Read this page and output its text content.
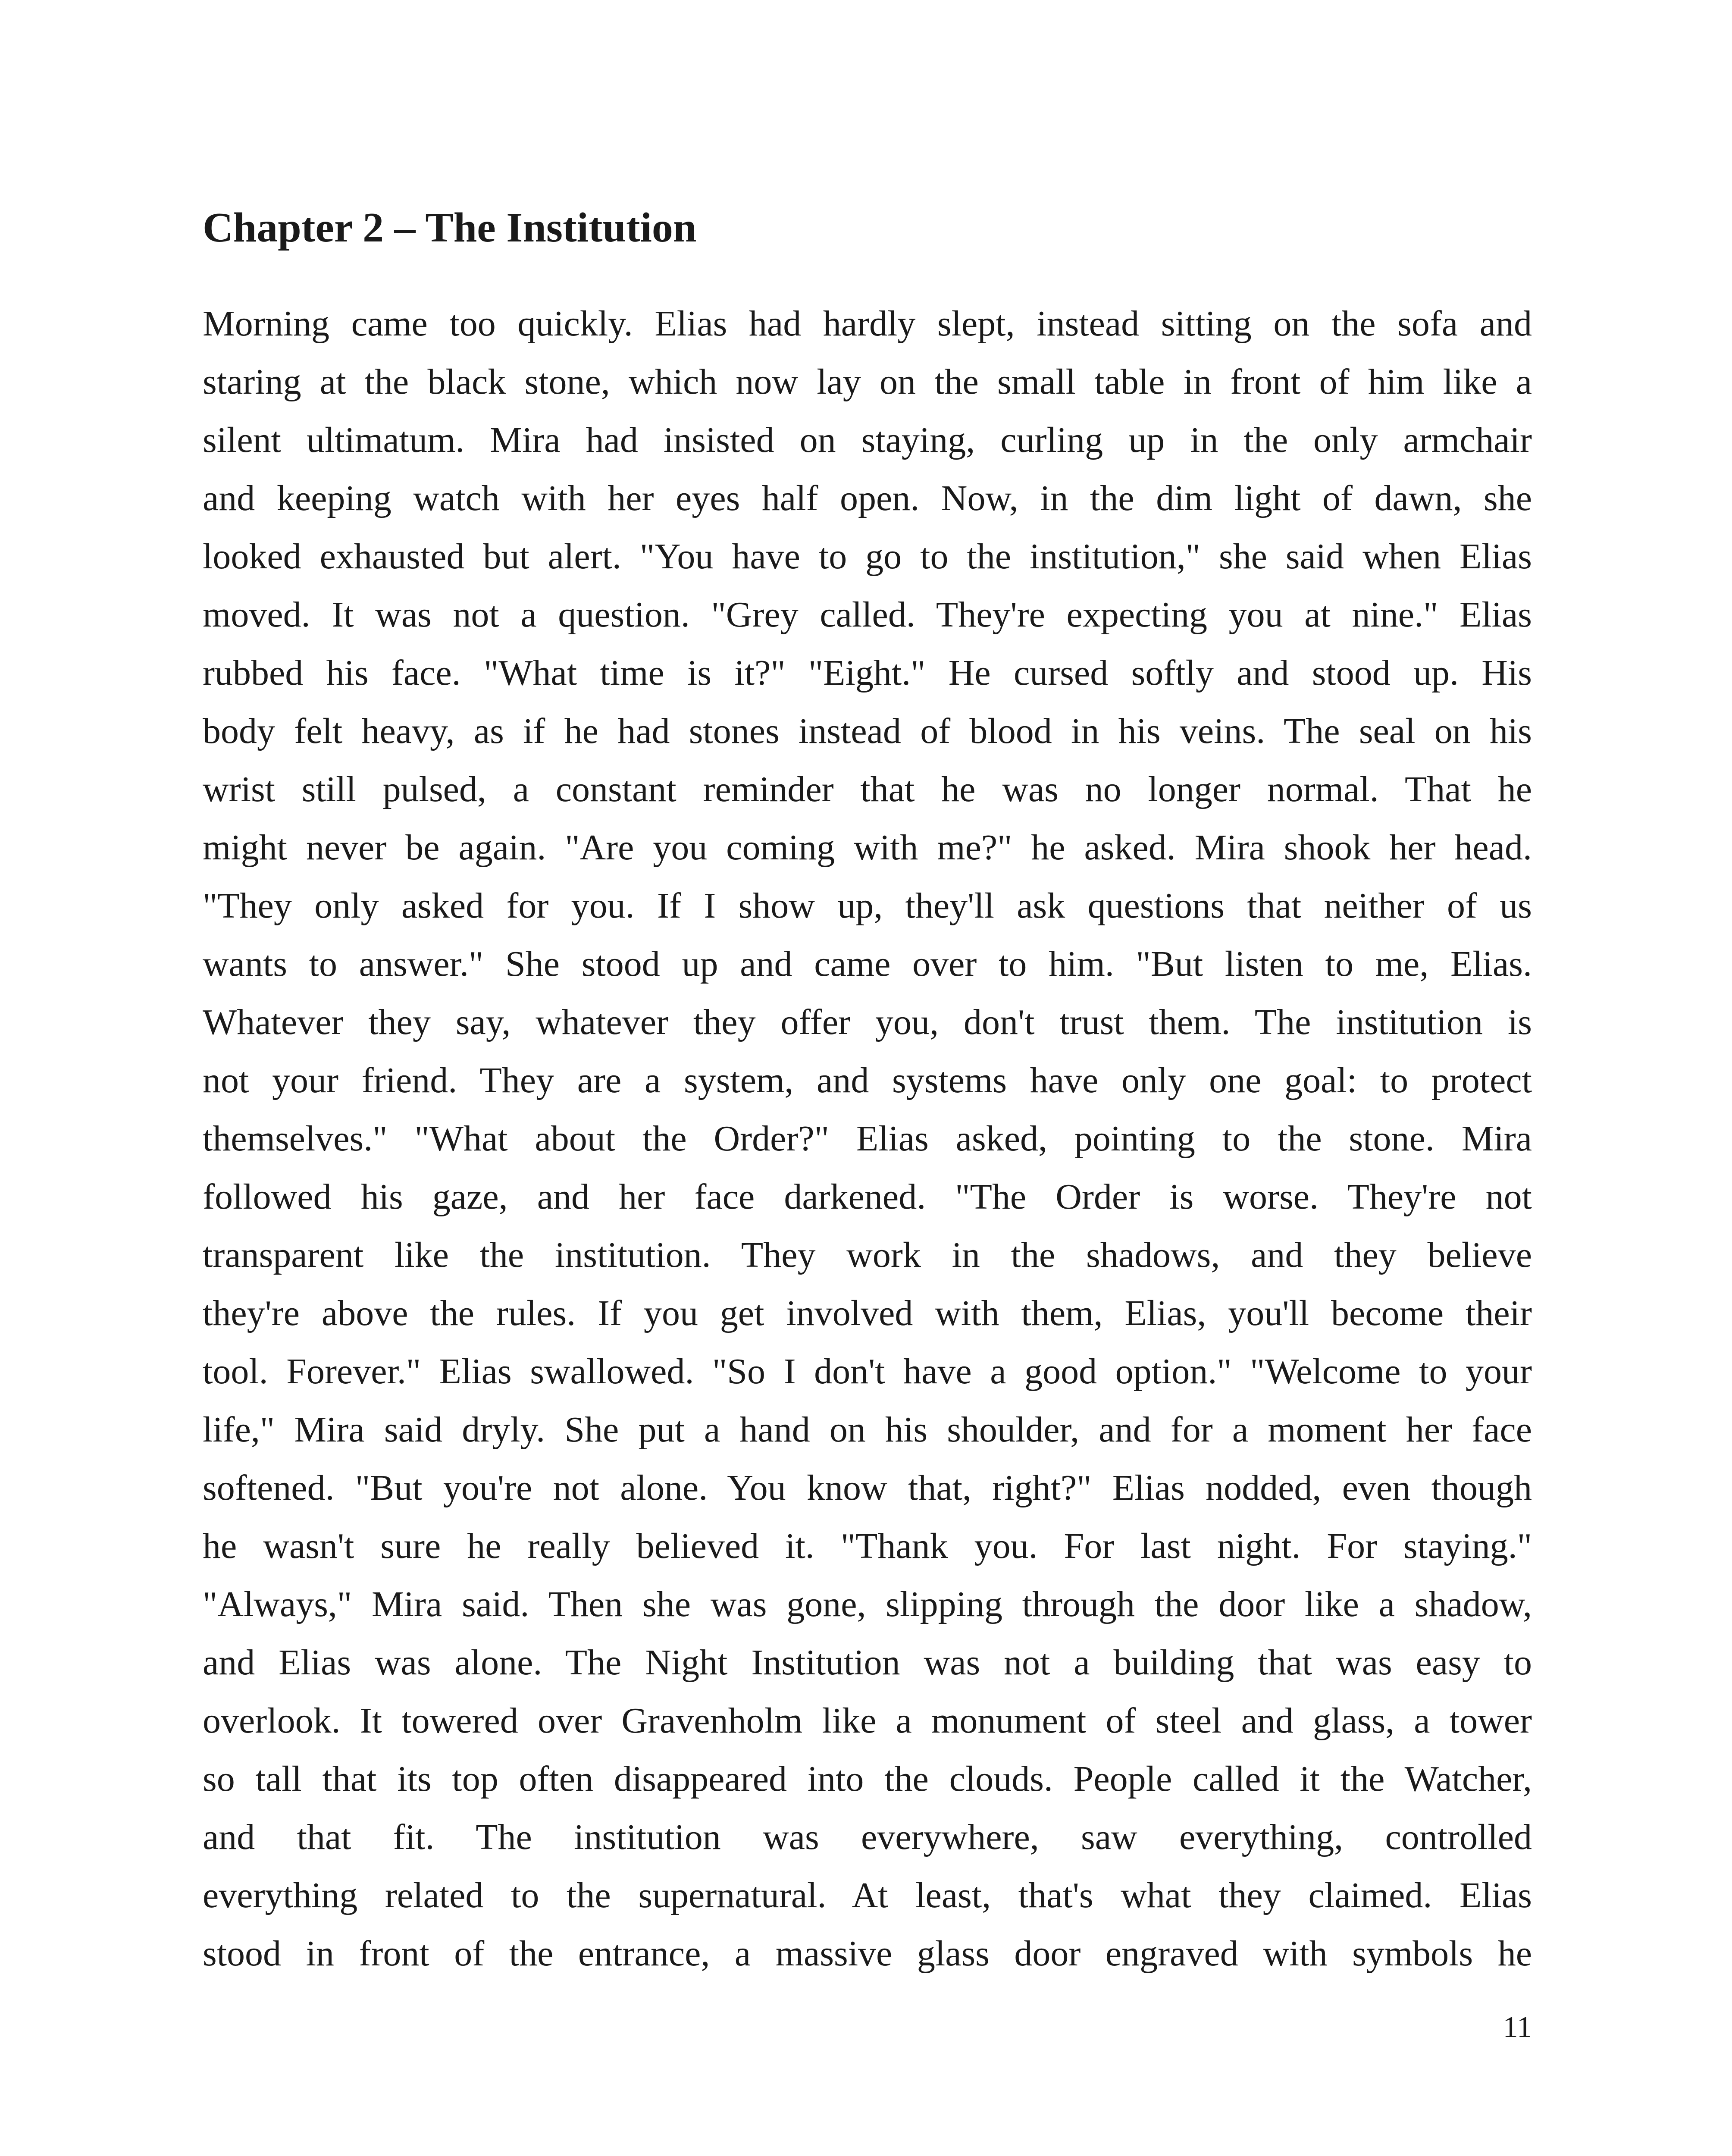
Chapter 2 – The Institution
Morning came too quickly. Elias had hardly slept, instead sitting on the sofa and
staring at the black stone, which now lay on the small table in front of him like a
silent ultimatum. Mira had insisted on staying, curling up in the only armchair
and keeping watch with her eyes half open. Now, in the dim light of dawn, she
looked exhausted but alert. "You have to go to the institution," she said when Elias
moved. It was not a question. "Grey called. They're expecting you at nine." Elias
rubbed his face. "What time is it?" "Eight." He cursed softly and stood up. His
body felt heavy, as if he had stones instead of blood in his veins. The seal on his
wrist still pulsed, a constant reminder that he was no longer normal. That he
might never be again. "Are you coming with me?" he asked. Mira shook her head.
"They only asked for you. If I show up, they'll ask questions that neither of us
wants to answer." She stood up and came over to him. "But listen to me, Elias.
Whatever they say, whatever they offer you, don't trust them. The institution is
not your friend. They are a system, and systems have only one goal: to protect
themselves." "What about the Order?" Elias asked, pointing to the stone. Mira
followed his gaze, and her face darkened. "The Order is worse. They're not
transparent like the institution. They work in the shadows, and they believe
they're above the rules. If you get involved with them, Elias, you'll become their
tool. Forever." Elias swallowed. "So I don't have a good option." "Welcome to your
life," Mira said dryly. She put a hand on his shoulder, and for a moment her face
softened. "But you're not alone. You know that, right?" Elias nodded, even though
he wasn't sure he really believed it. "Thank you. For last night. For staying."
"Always," Mira said. Then she was gone, slipping through the door like a shadow,
and Elias was alone. The Night Institution was not a building that was easy to
overlook. It towered over Gravenholm like a monument of steel and glass, a tower
so tall that its top often disappeared into the clouds. People called it the Watcher,
and that fit. The institution was everywhere, saw everything, controlled
everything related to the supernatural. At least, that's what they claimed. Elias
stood in front of the entrance, a massive glass door engraved with symbols he
11
